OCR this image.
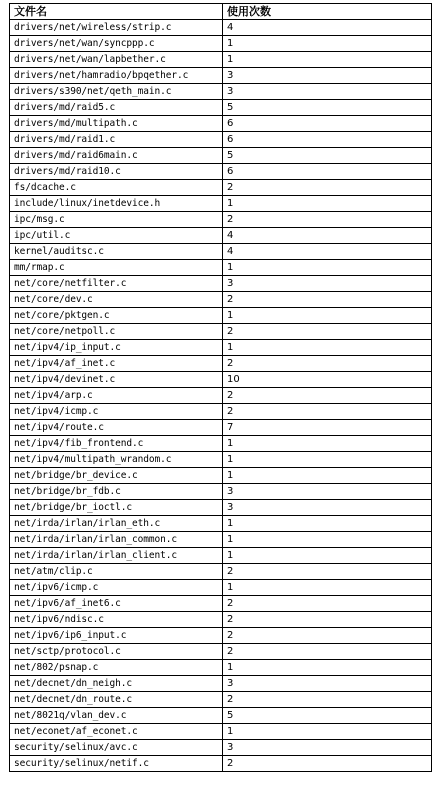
文件名	使用次数
drivers/net/wireless/strip.c	4
drivers/net/wan/syncppp.c	1
drivers/net/wan/lapbether.c	1
drivers/net/hamradio/bpqether.c	3
drivers/s390/net/qeth_main.c	3
drivers/md/raid5.c	5
drivers/md/multipath.c	6
drivers/md/raid1.c	6
drivers/md/raid6main.c	5
drivers/md/raid10.c	6
fs/dcache.c	2
include/linux/inetdevice.h	1
ipc/msg.c	2
ipc/util.c	4
kernel/auditsc.c	4
mm/rmap.c	1
net/core/netfilter.c	3
net/core/dev.c	2
net/core/pktgen.c	1
net/core/netpoll.c	2
net/ipv4/ip_input.c	1
net/ipv4/af_inet.c	2
net/ipv4/devinet.c	10
net/ipv4/arp.c	2
net/ipv4/icmp.c	2
net/ipv4/route.c	7
net/ipv4/fib_frontend.c	1
net/ipv4/multipath_wrandom.c	1
net/bridge/br_device.c	1
net/bridge/br_fdb.c	3
net/bridge/br_ioctl.c	3
net/irda/irlan/irlan_eth.c	1
net/irda/irlan/irlan_common.c	1
net/irda/irlan/irlan_client.c	1
net/atm/clip.c	2
net/ipv6/icmp.c	1
net/ipv6/af_inet6.c	2
net/ipv6/ndisc.c	2
net/ipv6/ip6_input.c	2
net/sctp/protocol.c	2
net/802/psnap.c	1
net/decnet/dn_neigh.c	3
net/decnet/dn_route.c	2
net/8021q/vlan_dev.c	5
net/econet/af_econet.c	1
security/selinux/avc.c	3
security/selinux/netif.c	2
